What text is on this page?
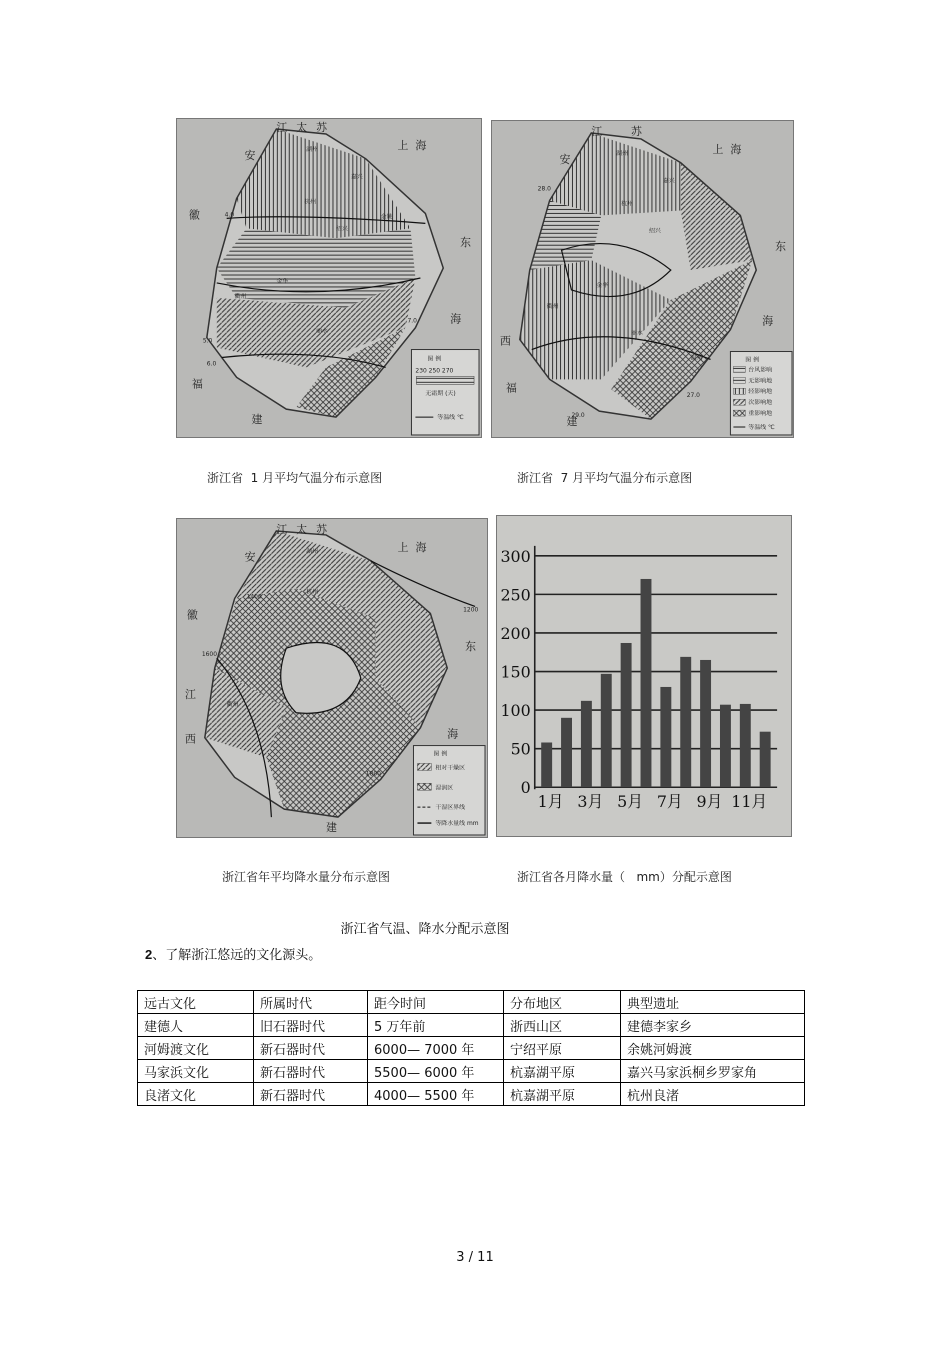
江 太 苏
上 海
安
徽
东
海
福
建
湖州
嘉兴
杭州
绍兴
金华
衢州
丽水
余姚
4.0
5.0
6.0
7.0
图 例
230 250 270
无霜期 (天)
等温线 ℃
江	苏
上 海
安
东
海
西
福
建
湖州
嘉兴
杭州
绍兴
金华
衢州
丽水
温州
28.0
27.0
29.0
图 例
台风影响
无影响地
轻影响地
次影响地
重影响地
等温线 ℃
浙江省  1 月平均气温分布示意图	浙江省  7 月平均气温分布示意图
江 太 苏
上 海
安
徽
东
海
江
西
建
杭州
衢州
湖州
1200
1400
1600
1800
图 例
相对干燥区
湿润区
干湿区界线
等降水量线 mm
0
50
100
150
200
250
300
1月 3月 5月 7月 9月 11月
浙江省年平均降水量分布示意图	浙江省各月降水量（   mm）分配示意图
浙江省气温、降水分配示意图
2、了解浙江悠远的文化源头。
远古文化	所属时代	距今时间	分布地区	典型遗址
建德人	旧石器时代	5 万年前	浙西山区	建德李家乡
河姆渡文化	新石器时代	6000— 7000 年	宁绍平原	余姚河姆渡
马家浜文化	新石器时代	5500— 6000 年	杭嘉湖平原	嘉兴马家浜桐乡罗家角
良渚文化	新石器时代	4000— 5500 年	杭嘉湖平原	杭州良渚
3 / 11
